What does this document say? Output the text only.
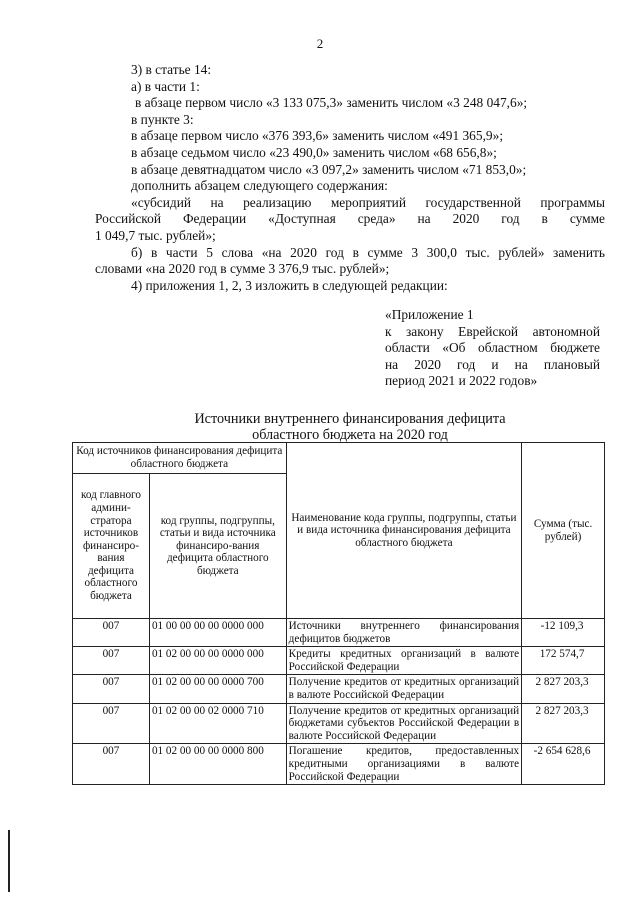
2
3) в статье 14:
а) в части 1:
в абзаце первом число «3 133 075,3» заменить числом «3 248 047,6»;
в пункте 3:
в абзаце первом число «376 393,6» заменить числом «491 365,9»;
в абзаце седьмом число «23 490,0» заменить числом «68 656,8»;
в абзаце девятнадцатом число «3 097,2» заменить числом «71 853,0»;
дополнить абзацем следующего содержания:
«субсидий на реализацию мероприятий государственной программы
Российской Федерации «Доступная среда» на 2020 год в сумме
1 049,7 тыс. рублей»;
б) в части 5 слова «на 2020 год в сумме 3 300,0 тыс. рублей» заменить
словами «на 2020 год в сумме 3 376,9 тыс. рублей»;
4) приложения 1, 2, 3 изложить в следующей редакции:
«Приложение 1
к закону Еврейской автономной
области «Об областном бюджете
на 2020 год и на плановый
период 2021 и 2022 годов»
Источники внутреннего финансирования дефицита
областного бюджета на 2020 год
Код источников финансирования дефицита областного бюджета		Наименование кода группы, подгруппы, статьи и вида источника финансирования дефицита областного бюджета	Сумма (тыс. рублей)
код главного админи-стратора источников финансиро-вания дефицита областного бюджета	код группы, подгруппы, статьи и вида источника финансиро-вания дефицита областного бюджета		
007	01 00 00 00 00 0000 000	Источники внутреннего финансирования дефицитов бюджетов	-12 109,3
007	01 02 00 00 00 0000 000	Кредиты кредитных организаций в валюте Российской Федерации	172 574,7
007	01 02 00 00 00 0000 700	Получение кредитов от кредитных организаций в валюте Российской Федерации	2 827 203,3
007	01 02 00 00 02 0000 710	Получение кредитов от кредитных организаций бюджетами субъектов Российской Федерации в валюте Российской Федерации	2 827 203,3
007	01 02 00 00 00 0000 800	Погашение кредитов, предоставленных кредитными организациями в валюте Российской Федерации	-2 654 628,6
